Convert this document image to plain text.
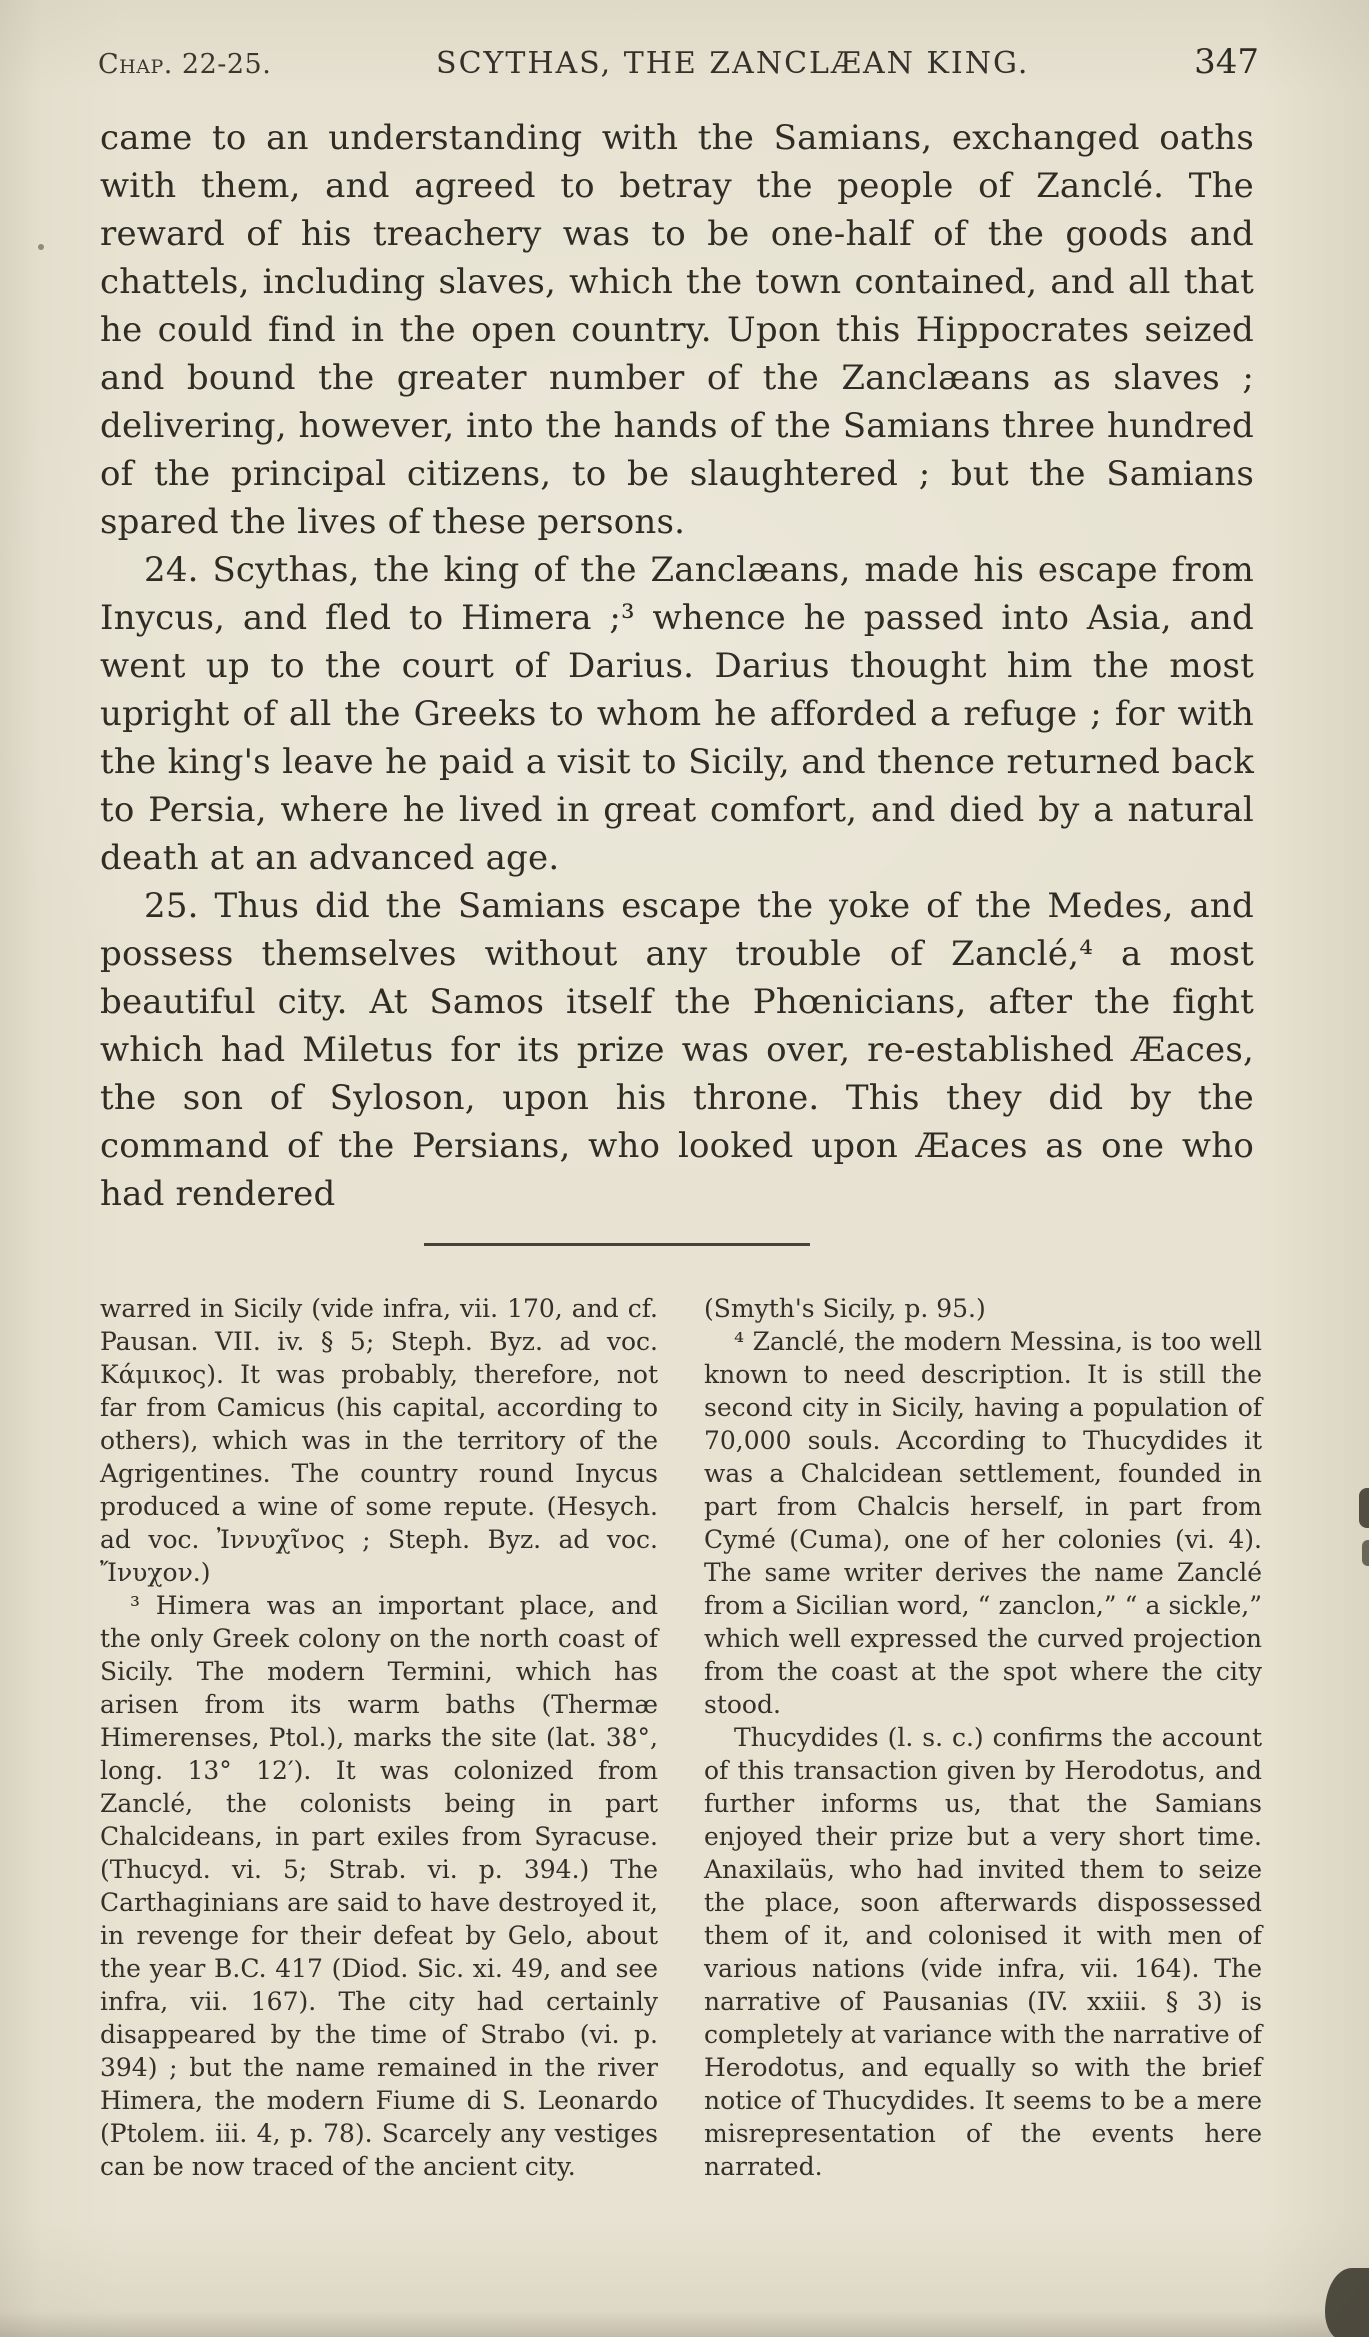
Chap. 22-25.	SCYTHAS, THE ZANCLÆAN KING.	347

came to an understanding with the Samians, exchanged oaths with them, and agreed to betray the people of Zanclé. The reward of his treachery was to be one-half of the goods and chattels, including slaves, which the town contained, and all that he could find in the open country. Upon this Hippocrates seized and bound the greater number of the Zanclæans as slaves ; delivering, however, into the hands of the Samians three hundred of the principal citizens, to be slaughtered ; but the Samians spared the lives of these persons.

24. Scythas, the king of the Zanclæans, made his escape from Inycus, and fled to Himera ;³ whence he passed into Asia, and went up to the court of Darius. Darius thought him the most upright of all the Greeks to whom he afforded a refuge ; for with the king's leave he paid a visit to Sicily, and thence returned back to Persia, where he lived in great comfort, and died by a natural death at an advanced age.

25. Thus did the Samians escape the yoke of the Medes, and possess themselves without any trouble of Zanclé,⁴ a most beautiful city. At Samos itself the Phœnicians, after the fight which had Miletus for its prize was over, re-established Æaces, the son of Syloson, upon his throne. This they did by the command of the Persians, who looked upon Æaces as one who had rendered

warred in Sicily (vide infra, vii. 170, and cf. Pausan. VII. iv. § 5; Steph. Byz. ad voc. Κάμικος). It was probably, therefore, not far from Camicus (his capital, according to others), which was in the territory of the Agrigentines. The country round Inycus produced a wine of some repute. (Hesych. ad voc. Ἰννυχῖνος ; Steph. Byz. ad voc. Ἴνυχον.)

³ Himera was an important place, and the only Greek colony on the north coast of Sicily. The modern Termini, which has arisen from its warm baths (Thermæ Himerenses, Ptol.), marks the site (lat. 38°, long. 13° 12′). It was colonized from Zanclé, the colonists being in part Chalcideans, in part exiles from Syracuse. (Thucyd. vi. 5; Strab. vi. p. 394.) The Carthaginians are said to have destroyed it, in revenge for their defeat by Gelo, about the year B.C. 417 (Diod. Sic. xi. 49, and see infra, vii. 167). The city had certainly disappeared by the time of Strabo (vi. p. 394) ; but the name remained in the river Himera, the modern Fiume di S. Leonardo (Ptolem. iii. 4, p. 78). Scarcely any vestiges can be now traced of the ancient city.

(Smyth's Sicily, p. 95.)

⁴ Zanclé, the modern Messina, is too well known to need description. It is still the second city in Sicily, having a population of 70,000 souls. According to Thucydides it was a Chalcidean settlement, founded in part from Chalcis herself, in part from Cymé (Cuma), one of her colonies (vi. 4). The same writer derives the name Zanclé from a Sicilian word, “ zanclon,” “ a sickle,” which well expressed the curved projection from the coast at the spot where the city stood.

Thucydides (l. s. c.) confirms the account of this transaction given by Herodotus, and further informs us, that the Samians enjoyed their prize but a very short time. Anaxilaüs, who had invited them to seize the place, soon afterwards dispossessed them of it, and colonised it with men of various nations (vide infra, vii. 164). The narrative of Pausanias (IV. xxiii. § 3) is completely at variance with the narrative of Herodotus, and equally so with the brief notice of Thucydides. It seems to be a mere misrepresentation of the events here narrated.
